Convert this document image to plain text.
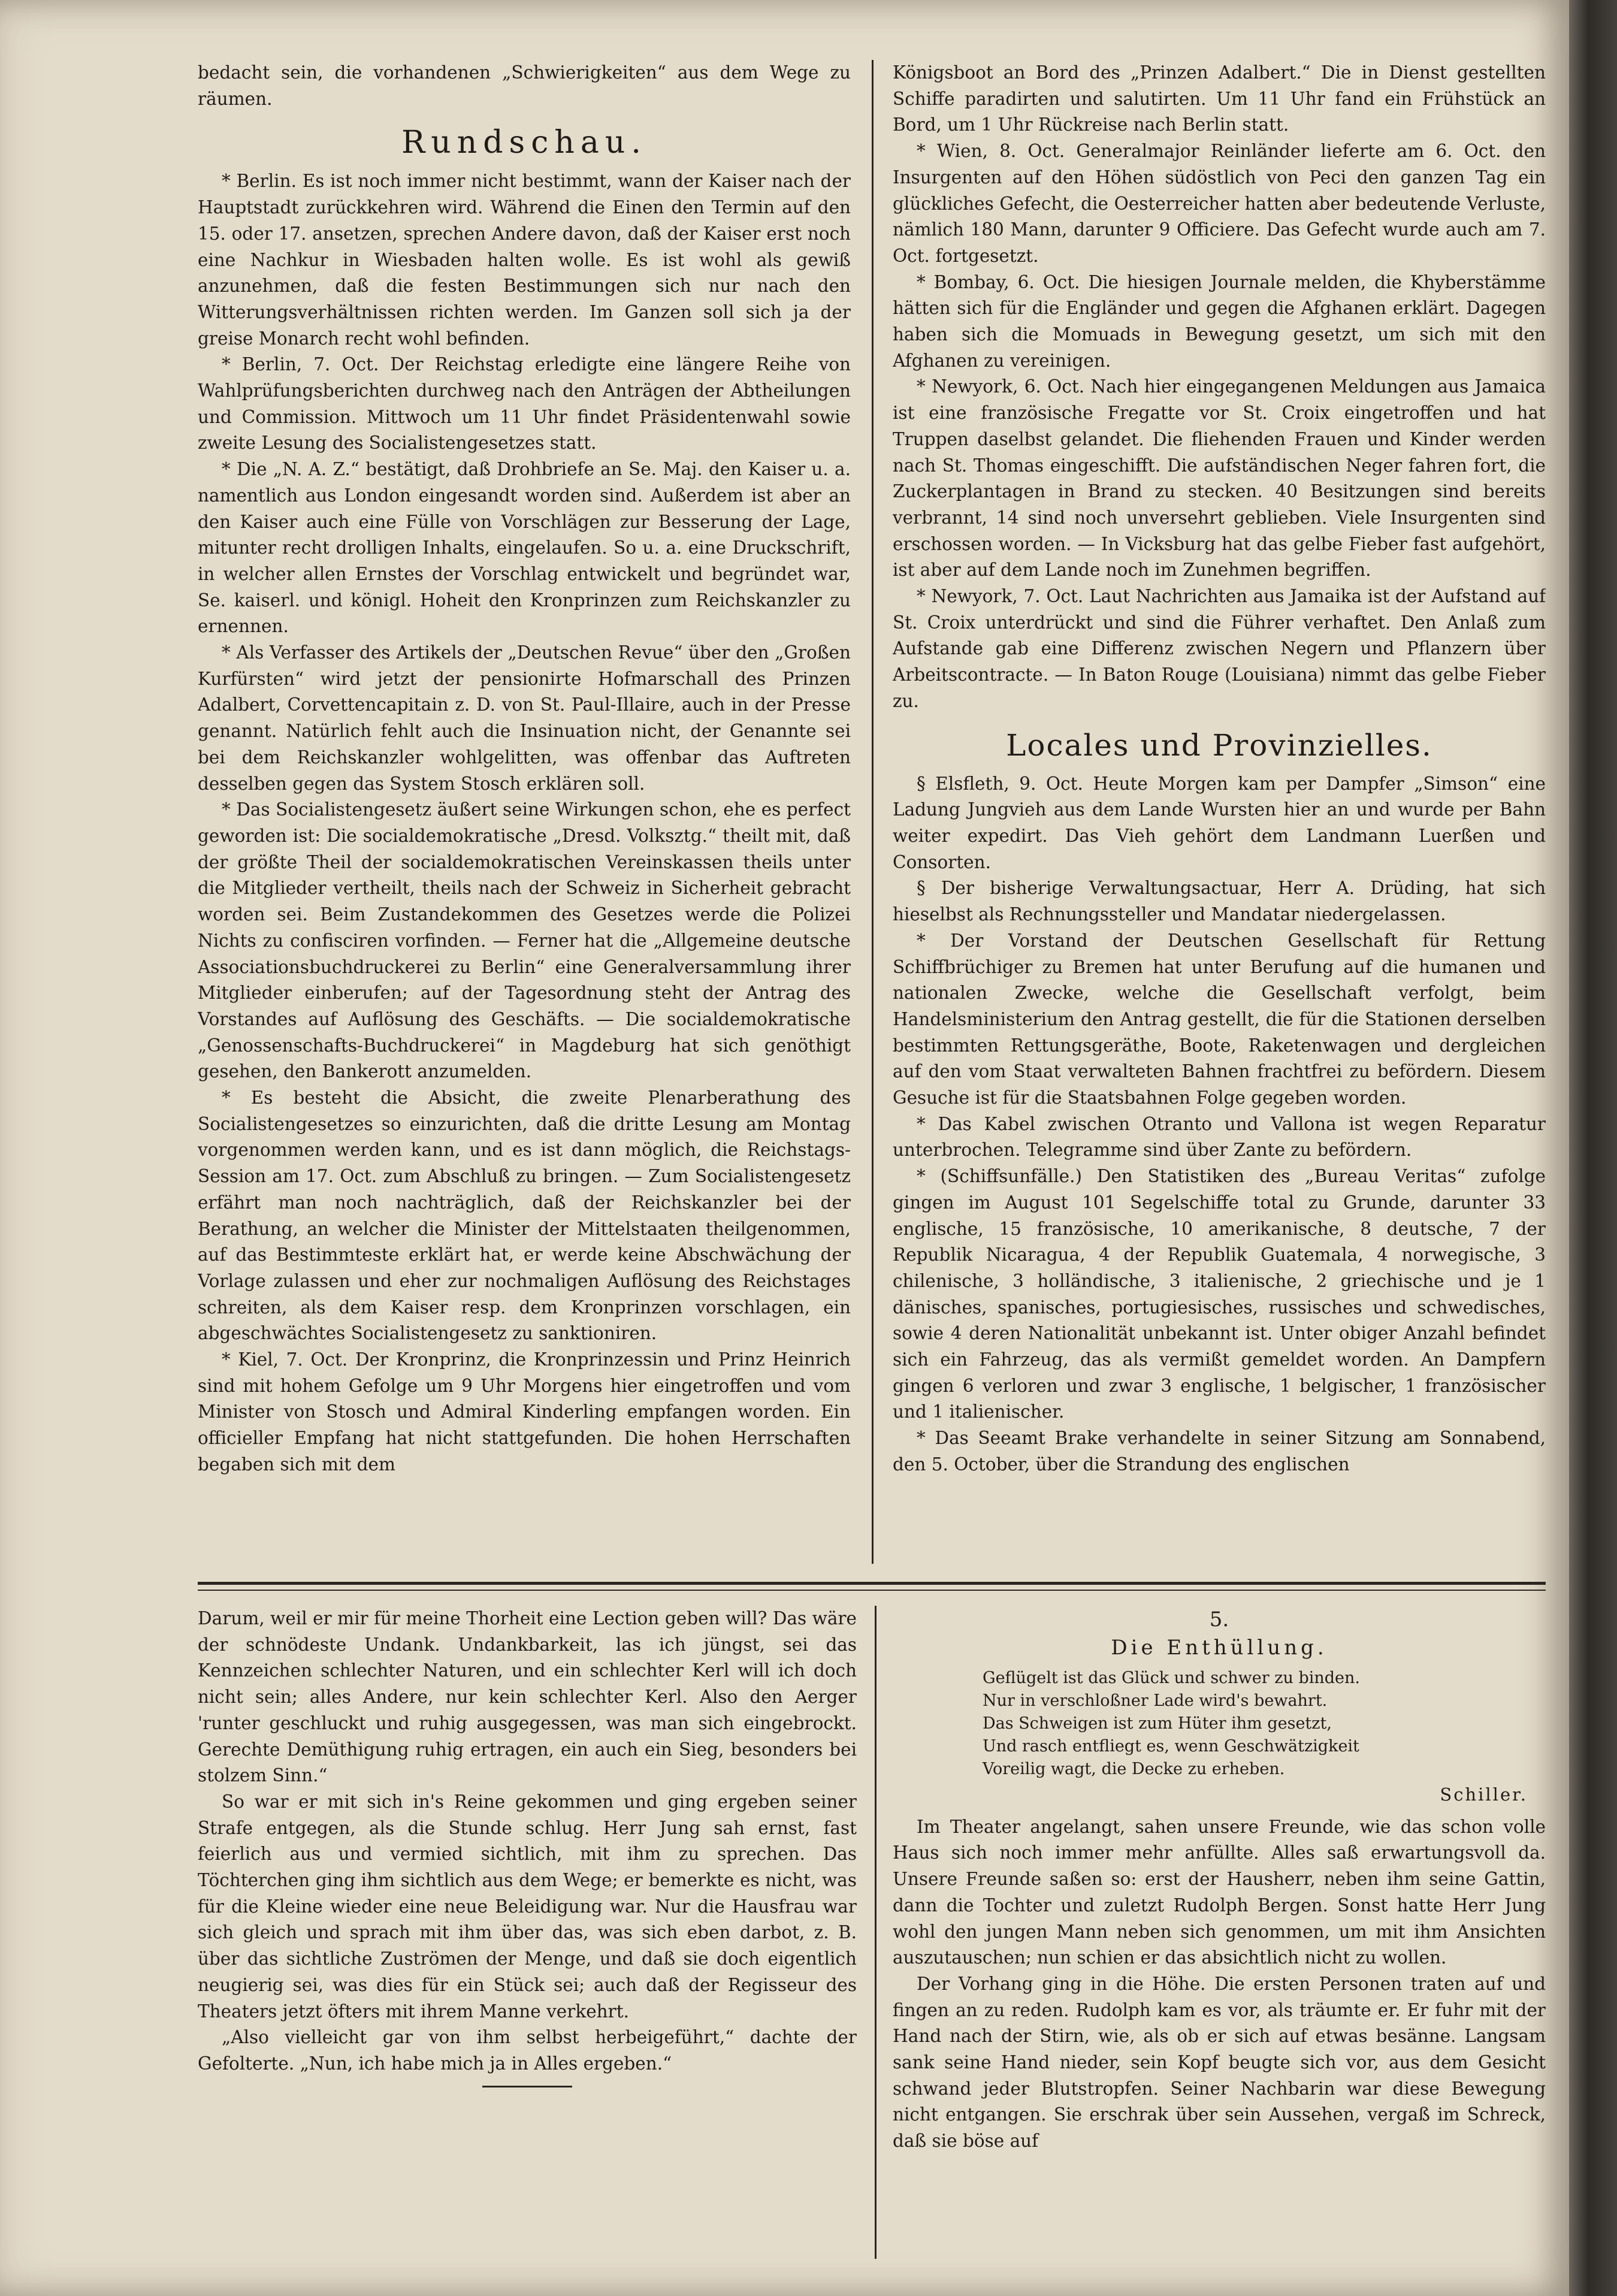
bedacht sein, die vorhandenen „Schwierigkeiten“ aus dem Wege zu räumen.

Rundschau.

* Berlin. Es ist noch immer nicht bestimmt, wann der Kaiser nach der Hauptstadt zurückkehren wird. Während die Einen den Termin auf den 15. oder 17. ansetzen, sprechen Andere davon, daß der Kaiser erst noch eine Nachkur in Wiesbaden halten wolle. Es ist wohl als gewiß anzunehmen, daß die festen Bestimmungen sich nur nach den Witterungsverhältnissen richten werden. Im Ganzen soll sich ja der greise Monarch recht wohl befinden.

* Berlin, 7. Oct. Der Reichstag erledigte eine längere Reihe von Wahlprüfungsberichten durchweg nach den Anträgen der Abtheilungen und Commission. Mittwoch um 11 Uhr findet Präsidentenwahl sowie zweite Lesung des Socialistengesetzes statt.

* Die „N. A. Z.“ bestätigt, daß Drohbriefe an Se. Maj. den Kaiser u. a. namentlich aus London eingesandt worden sind. Außerdem ist aber an den Kaiser auch eine Fülle von Vorschlägen zur Besserung der Lage, mitunter recht drolligen Inhalts, eingelaufen. So u. a. eine Druckschrift, in welcher allen Ernstes der Vorschlag entwickelt und begründet war, Se. kaiserl. und königl. Hoheit den Kronprinzen zum Reichskanzler zu ernennen.

* Als Verfasser des Artikels der „Deutschen Revue“ über den „Großen Kurfürsten“ wird jetzt der pensionirte Hofmarschall des Prinzen Adalbert, Corvettencapitain z. D. von St. Paul-Illaire, auch in der Presse genannt. Natürlich fehlt auch die Insinuation nicht, der Genannte sei bei dem Reichskanzler wohlgelitten, was offenbar das Auftreten desselben gegen das System Stosch erklären soll.

* Das Socialistengesetz äußert seine Wirkungen schon, ehe es perfect geworden ist: Die socialdemokratische „Dresd. Volksztg.“ theilt mit, daß der größte Theil der socialdemokratischen Vereinskassen theils unter die Mitglieder vertheilt, theils nach der Schweiz in Sicherheit gebracht worden sei. Beim Zustandekommen des Gesetzes werde die Polizei Nichts zu confisciren vorfinden. — Ferner hat die „Allgemeine deutsche Associationsbuchdruckerei zu Berlin“ eine Generalversammlung ihrer Mitglieder einberufen; auf der Tagesordnung steht der Antrag des Vorstandes auf Auflösung des Geschäfts. — Die socialdemokratische „Genossenschafts-Buchdruckerei“ in Magdeburg hat sich genöthigt gesehen, den Bankerott anzumelden.

* Es besteht die Absicht, die zweite Plenarberathung des Socialistengesetzes so einzurichten, daß die dritte Lesung am Montag vorgenommen werden kann, und es ist dann möglich, die Reichstags-Session am 17. Oct. zum Abschluß zu bringen. — Zum Socialistengesetz erfährt man noch nachträglich, daß der Reichskanzler bei der Berathung, an welcher die Minister der Mittelstaaten theilgenommen, auf das Bestimmteste erklärt hat, er werde keine Abschwächung der Vorlage zulassen und eher zur nochmaligen Auflösung des Reichstages schreiten, als dem Kaiser resp. dem Kronprinzen vorschlagen, ein abgeschwächtes Socialistengesetz zu sanktioniren.

* Kiel, 7. Oct. Der Kronprinz, die Kronprinzessin und Prinz Heinrich sind mit hohem Gefolge um 9 Uhr Morgens hier eingetroffen und vom Minister von Stosch und Admiral Kinderling empfangen worden. Ein officieller Empfang hat nicht stattgefunden. Die hohen Herrschaften begaben sich mit dem

Königsboot an Bord des „Prinzen Adalbert.“ Die in Dienst gestellten Schiffe paradirten und salutirten. Um 11 Uhr fand ein Frühstück an Bord, um 1 Uhr Rückreise nach Berlin statt.

* Wien, 8. Oct. Generalmajor Reinländer lieferte am 6. Oct. den Insurgenten auf den Höhen südöstlich von Peci den ganzen Tag ein glückliches Gefecht, die Oesterreicher hatten aber bedeutende Verluste, nämlich 180 Mann, darunter 9 Officiere. Das Gefecht wurde auch am 7. Oct. fortgesetzt.

* Bombay, 6. Oct. Die hiesigen Journale melden, die Khyberstämme hätten sich für die Engländer und gegen die Afghanen erklärt. Dagegen haben sich die Momuads in Bewegung gesetzt, um sich mit den Afghanen zu vereinigen.

* Newyork, 6. Oct. Nach hier eingegangenen Meldungen aus Jamaica ist eine französische Fregatte vor St. Croix eingetroffen und hat Truppen daselbst gelandet. Die fliehenden Frauen und Kinder werden nach St. Thomas eingeschifft. Die aufständischen Neger fahren fort, die Zuckerplantagen in Brand zu stecken. 40 Besitzungen sind bereits verbrannt, 14 sind noch unversehrt geblieben. Viele Insurgenten sind erschossen worden. — In Vicksburg hat das gelbe Fieber fast aufgehört, ist aber auf dem Lande noch im Zunehmen begriffen.

* Newyork, 7. Oct. Laut Nachrichten aus Jamaika ist der Aufstand auf St. Croix unterdrückt und sind die Führer verhaftet. Den Anlaß zum Aufstande gab eine Differenz zwischen Negern und Pflanzern über Arbeitscontracte. — In Baton Rouge (Louisiana) nimmt das gelbe Fieber zu.

Locales und Provinzielles.

§ Elsfleth, 9. Oct. Heute Morgen kam per Dampfer „Simson“ eine Ladung Jungvieh aus dem Lande Wursten hier an und wurde per Bahn weiter expedirt. Das Vieh gehört dem Landmann Luerßen und Consorten.

§ Der bisherige Verwaltungsactuar, Herr A. Drüding, hat sich hieselbst als Rechnungssteller und Mandatar niedergelassen.

* Der Vorstand der Deutschen Gesellschaft für Rettung Schiffbrüchiger zu Bremen hat unter Berufung auf die humanen und nationalen Zwecke, welche die Gesellschaft verfolgt, beim Handelsministerium den Antrag gestellt, die für die Stationen derselben bestimmten Rettungsgeräthe, Boote, Raketenwagen und dergleichen auf den vom Staat verwalteten Bahnen frachtfrei zu befördern. Diesem Gesuche ist für die Staatsbahnen Folge gegeben worden.

* Das Kabel zwischen Otranto und Vallona ist wegen Reparatur unterbrochen. Telegramme sind über Zante zu befördern.

* (Schiffsunfälle.) Den Statistiken des „Bureau Veritas“ zufolge gingen im August 101 Segelschiffe total zu Grunde, darunter 33 englische, 15 französische, 10 amerikanische, 8 deutsche, 7 der Republik Nicaragua, 4 der Republik Guatemala, 4 norwegische, 3 chilenische, 3 holländische, 3 italienische, 2 griechische und je 1 dänisches, spanisches, portugiesisches, russisches und schwedisches, sowie 4 deren Nationalität unbekannt ist. Unter obiger Anzahl befindet sich ein Fahrzeug, das als vermißt gemeldet worden. An Dampfern gingen 6 verloren und zwar 3 englische, 1 belgischer, 1 französischer und 1 italienischer.

* Das Seeamt Brake verhandelte in seiner Sitzung am Sonnabend, den 5. October, über die Strandung des englischen

Darum, weil er mir für meine Thorheit eine Lection geben will? Das wäre der schnödeste Undank. Undankbarkeit, las ich jüngst, sei das Kennzeichen schlechter Naturen, und ein schlechter Kerl will ich doch nicht sein; alles Andere, nur kein schlechter Kerl. Also den Aerger 'runter geschluckt und ruhig ausgegessen, was man sich eingebrockt. Gerechte Demüthigung ruhig ertragen, ein auch ein Sieg, besonders bei stolzem Sinn.“

So war er mit sich in's Reine gekommen und ging ergeben seiner Strafe entgegen, als die Stunde schlug. Herr Jung sah ernst, fast feierlich aus und vermied sichtlich, mit ihm zu sprechen. Das Töchterchen ging ihm sichtlich aus dem Wege; er bemerkte es nicht, was für die Kleine wieder eine neue Beleidigung war. Nur die Hausfrau war sich gleich und sprach mit ihm über das, was sich eben darbot, z. B. über das sichtliche Zuströmen der Menge, und daß sie doch eigentlich neugierig sei, was dies für ein Stück sei; auch daß der Regisseur des Theaters jetzt öfters mit ihrem Manne verkehrt.

„Also vielleicht gar von ihm selbst herbeigeführt,“ dachte der Gefolterte. „Nun, ich habe mich ja in Alles ergeben.“

5.

Die Enthüllung.

Geflügelt ist das Glück und schwer zu binden.

Nur in verschloßner Lade wird's bewahrt.

Das Schweigen ist zum Hüter ihm gesetzt,

Und rasch entfliegt es, wenn Geschwätzigkeit

Voreilig wagt, die Decke zu erheben.

Schiller.

Im Theater angelangt, sahen unsere Freunde, wie das schon volle Haus sich noch immer mehr anfüllte. Alles saß erwartungsvoll da. Unsere Freunde saßen so: erst der Hausherr, neben ihm seine Gattin, dann die Tochter und zuletzt Rudolph Bergen. Sonst hatte Herr Jung wohl den jungen Mann neben sich genommen, um mit ihm Ansichten auszutauschen; nun schien er das absichtlich nicht zu wollen.

Der Vorhang ging in die Höhe. Die ersten Personen traten auf und fingen an zu reden. Rudolph kam es vor, als träumte er. Er fuhr mit der Hand nach der Stirn, wie, als ob er sich auf etwas besänne. Langsam sank seine Hand nieder, sein Kopf beugte sich vor, aus dem Gesicht schwand jeder Blutstropfen. Seiner Nachbarin war diese Bewegung nicht entgangen. Sie erschrak über sein Aussehen, vergaß im Schreck, daß sie böse auf
